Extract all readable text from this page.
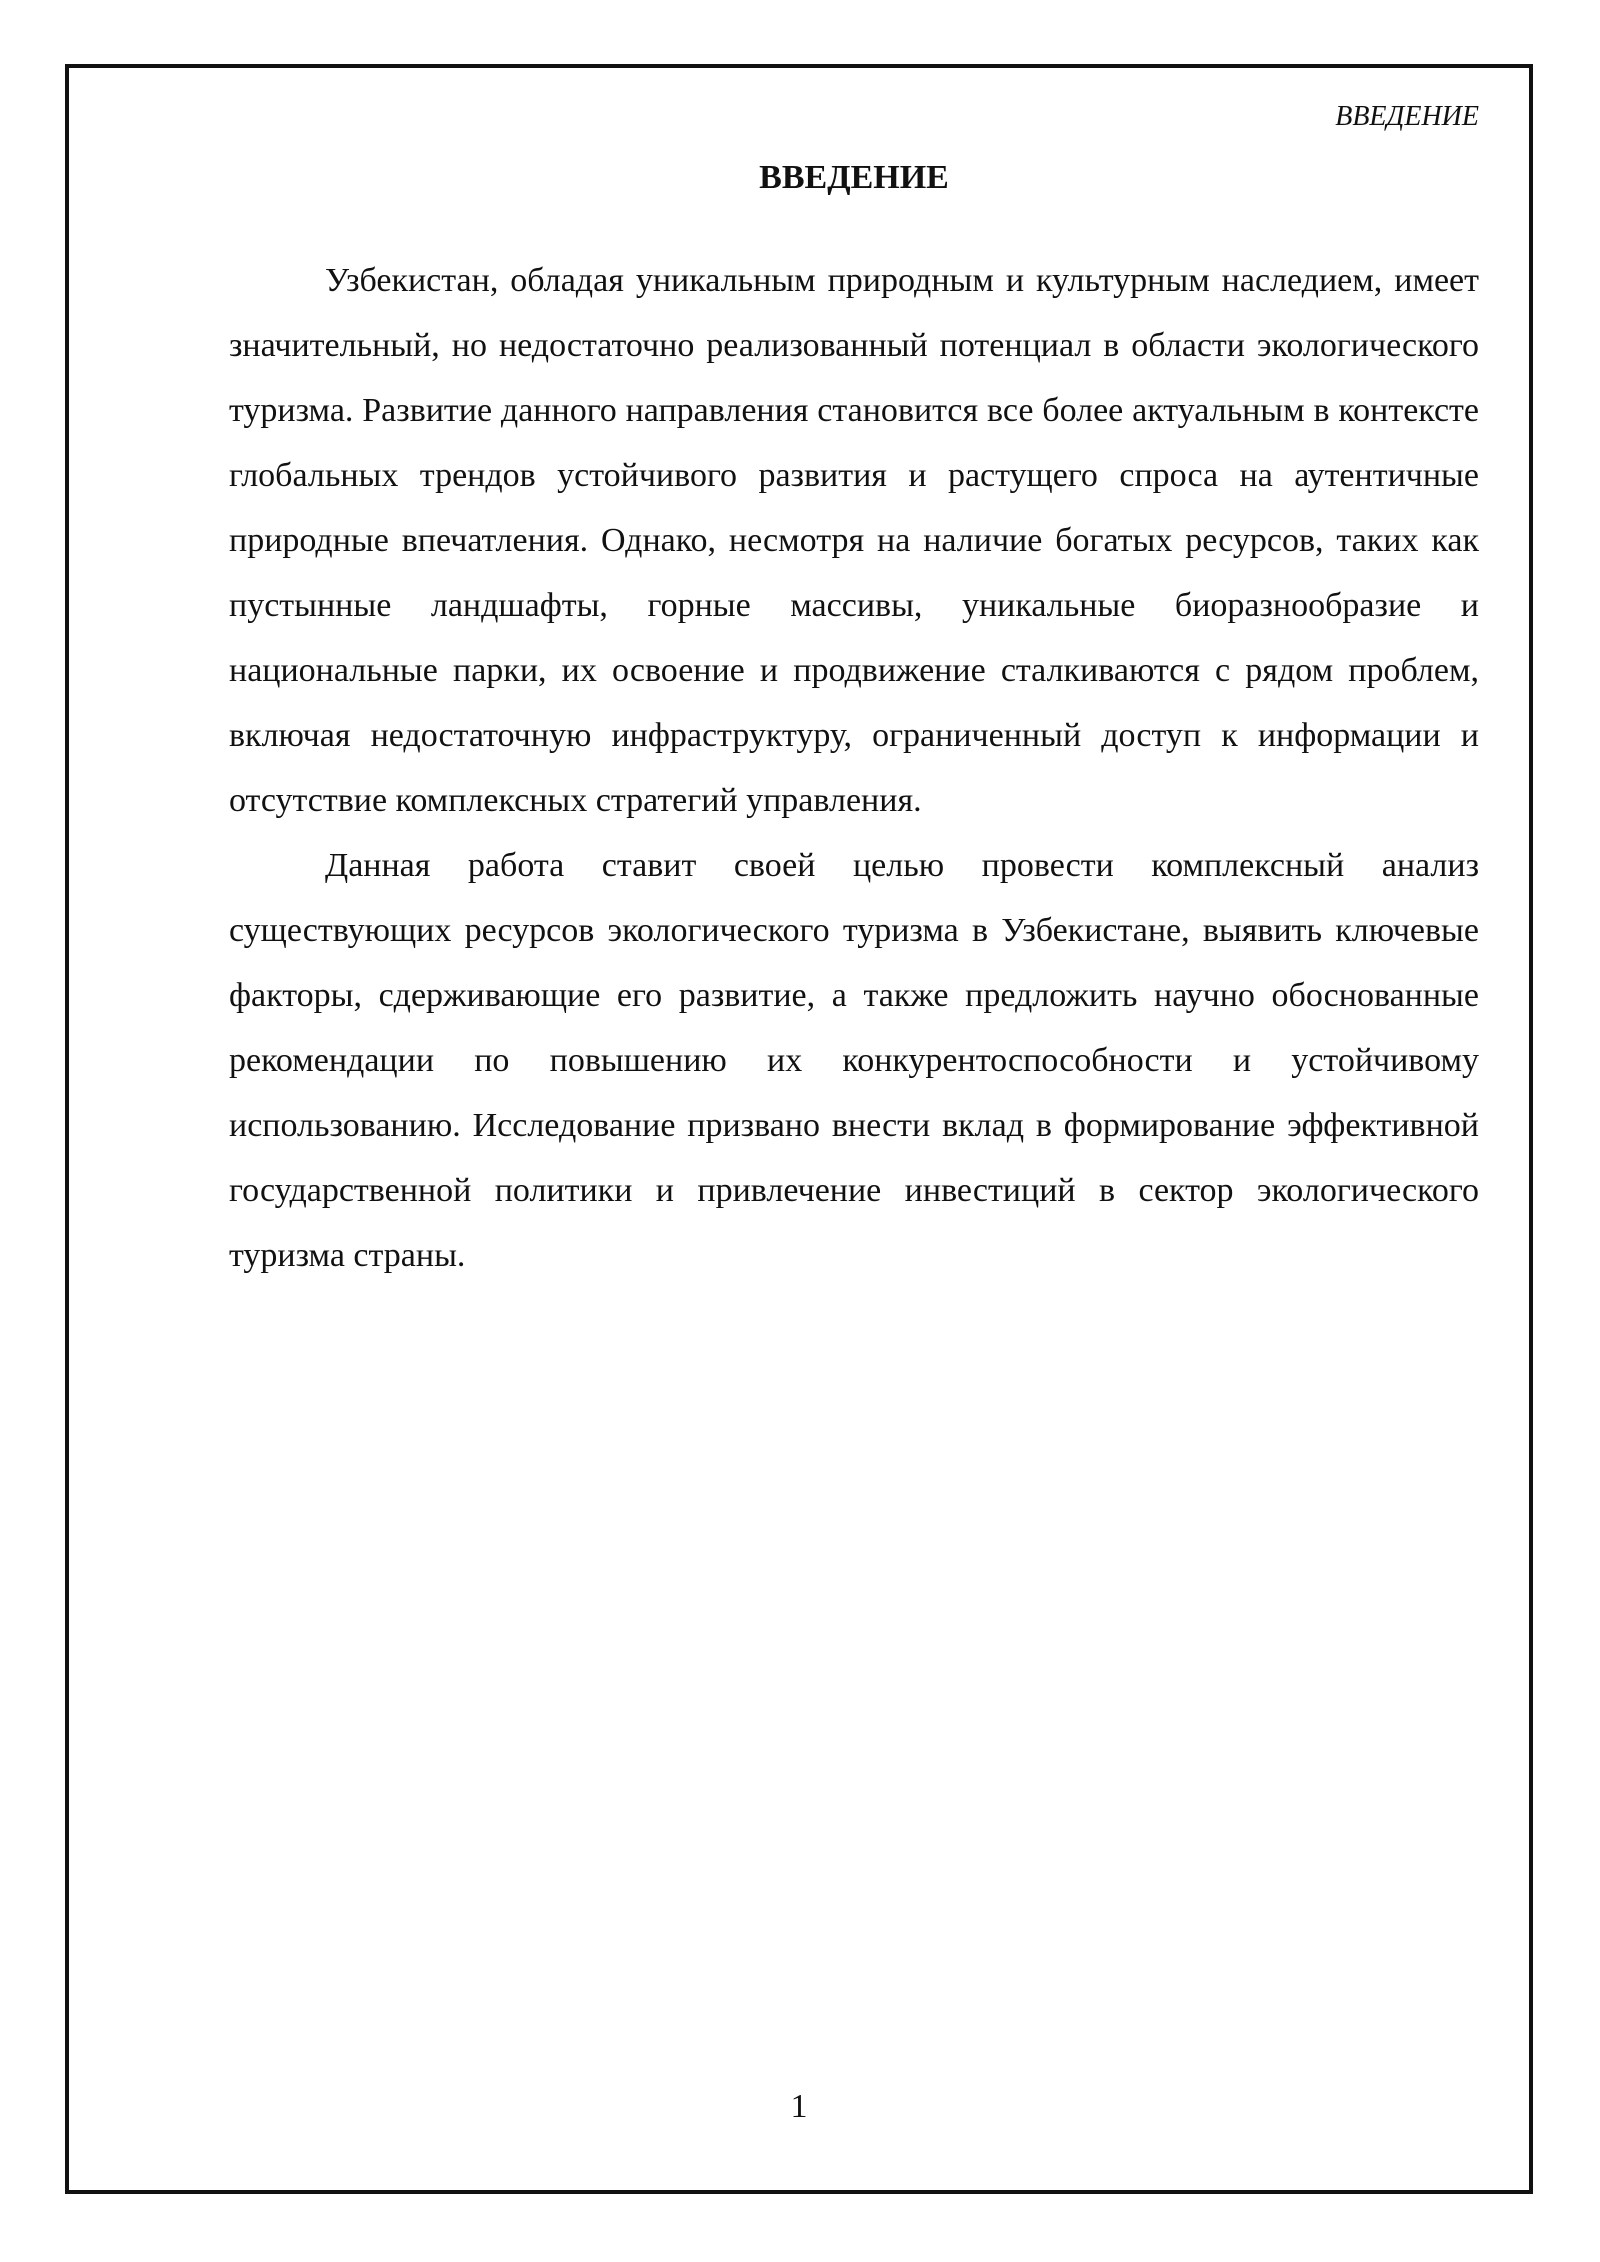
ВВЕДЕНИЕ
ВВЕДЕНИЕ

Узбекистан, обладая уникальным природным и культурным наследием, имеет значительный, но недостаточно реализованный потенциал в области экологического туризма. Развитие данного направления становится все более актуальным в контексте глобальных трендов устойчивого развития и растущего спроса на аутентичные природные впечатления. Однако, несмотря на наличие богатых ресурсов, таких как пустынные ландшафты, горные массивы, уникальные биоразнообразие и национальные парки, их освоение и продвижение сталкиваются с рядом проблем, включая недостаточную инфраструктуру, ограниченный доступ к информации и отсутствие комплексных стратегий управления.

Данная работа ставит своей целью провести комплексный анализ существующих ресурсов экологического туризма в Узбекистане, выявить ключевые факторы, сдерживающие его развитие, а также предложить научно обоснованные рекомендации по повышению их конкурентоспособности и устойчивому использованию. Исследование призвано внести вклад в формирование эффективной государственной политики и привлечение инвестиций в сектор экологического туризма страны.

1
